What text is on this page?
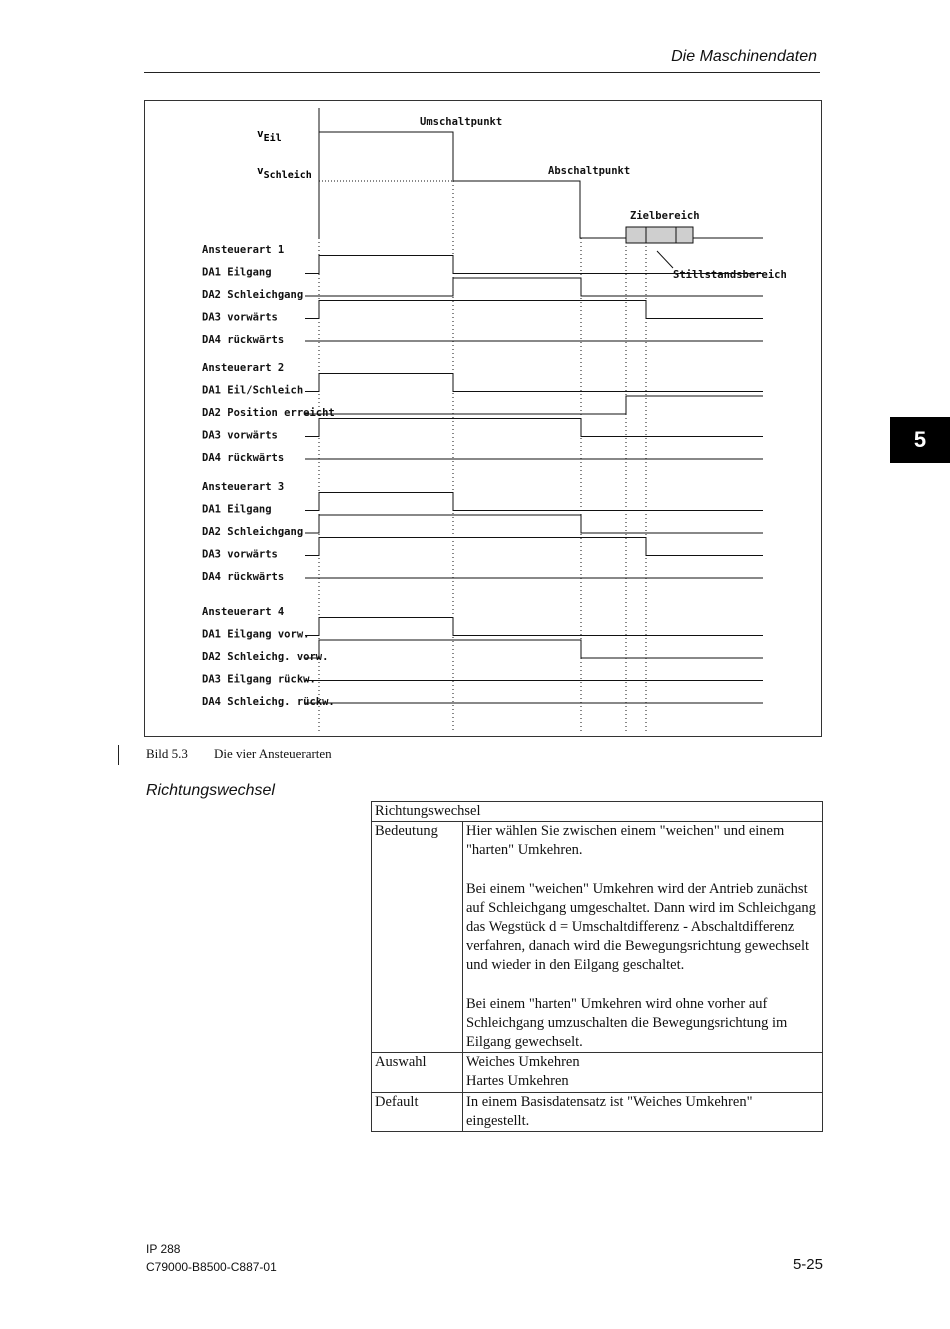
Die Maschinendaten
5
Umschaltpunkt
Abschaltpunkt
Zielbereich
Stillstandsbereich
vEil
vSchleich
Ansteuerart 1
DA1 Eilgang
DA2 Schleichgang
DA3 vorwärts
DA4 rückwärts
Ansteuerart 2
DA1 Eil/Schleich
DA2 Position erreicht
DA3 vorwärts
DA4 rückwärts
Ansteuerart 3
DA1 Eilgang
DA2 Schleichgang
DA3 vorwärts
DA4 rückwärts
Ansteuerart 4
DA1 Eilgang vorw.
DA2 Schleichg. vorw.
DA3 Eilgang rückw.
DA4 Schleichg. rückw.
Bild 5.3 Die vier Ansteuerarten
Richtungswechsel
Richtungswechsel	
Bedeutung	Hier wählen Sie zwischen einem "weichen" und einem "harten" Umkehren.

Bei einem "weichen" Umkehren wird der Antrieb zunächst auf Schleichgang umgeschaltet. Dann wird im Schleichgang das Wegstück d = Umschaltdifferenz - Abschaltdifferenz verfahren, danach wird die Bewegungsrichtung gewechselt und wieder in den Eilgang geschaltet.

Bei einem "harten" Umkehren wird ohne vorher auf Schleichgang umzuschalten die Bewegungsrichtung im Eilgang gewechselt.

Auswahl	Weiches Umkehren
Hartes Umkehren

Default	In einem Basisdatensatz ist "Weiches Umkehren" eingestellt.
IP 288
C79000-B8500-C887-01	5-25
